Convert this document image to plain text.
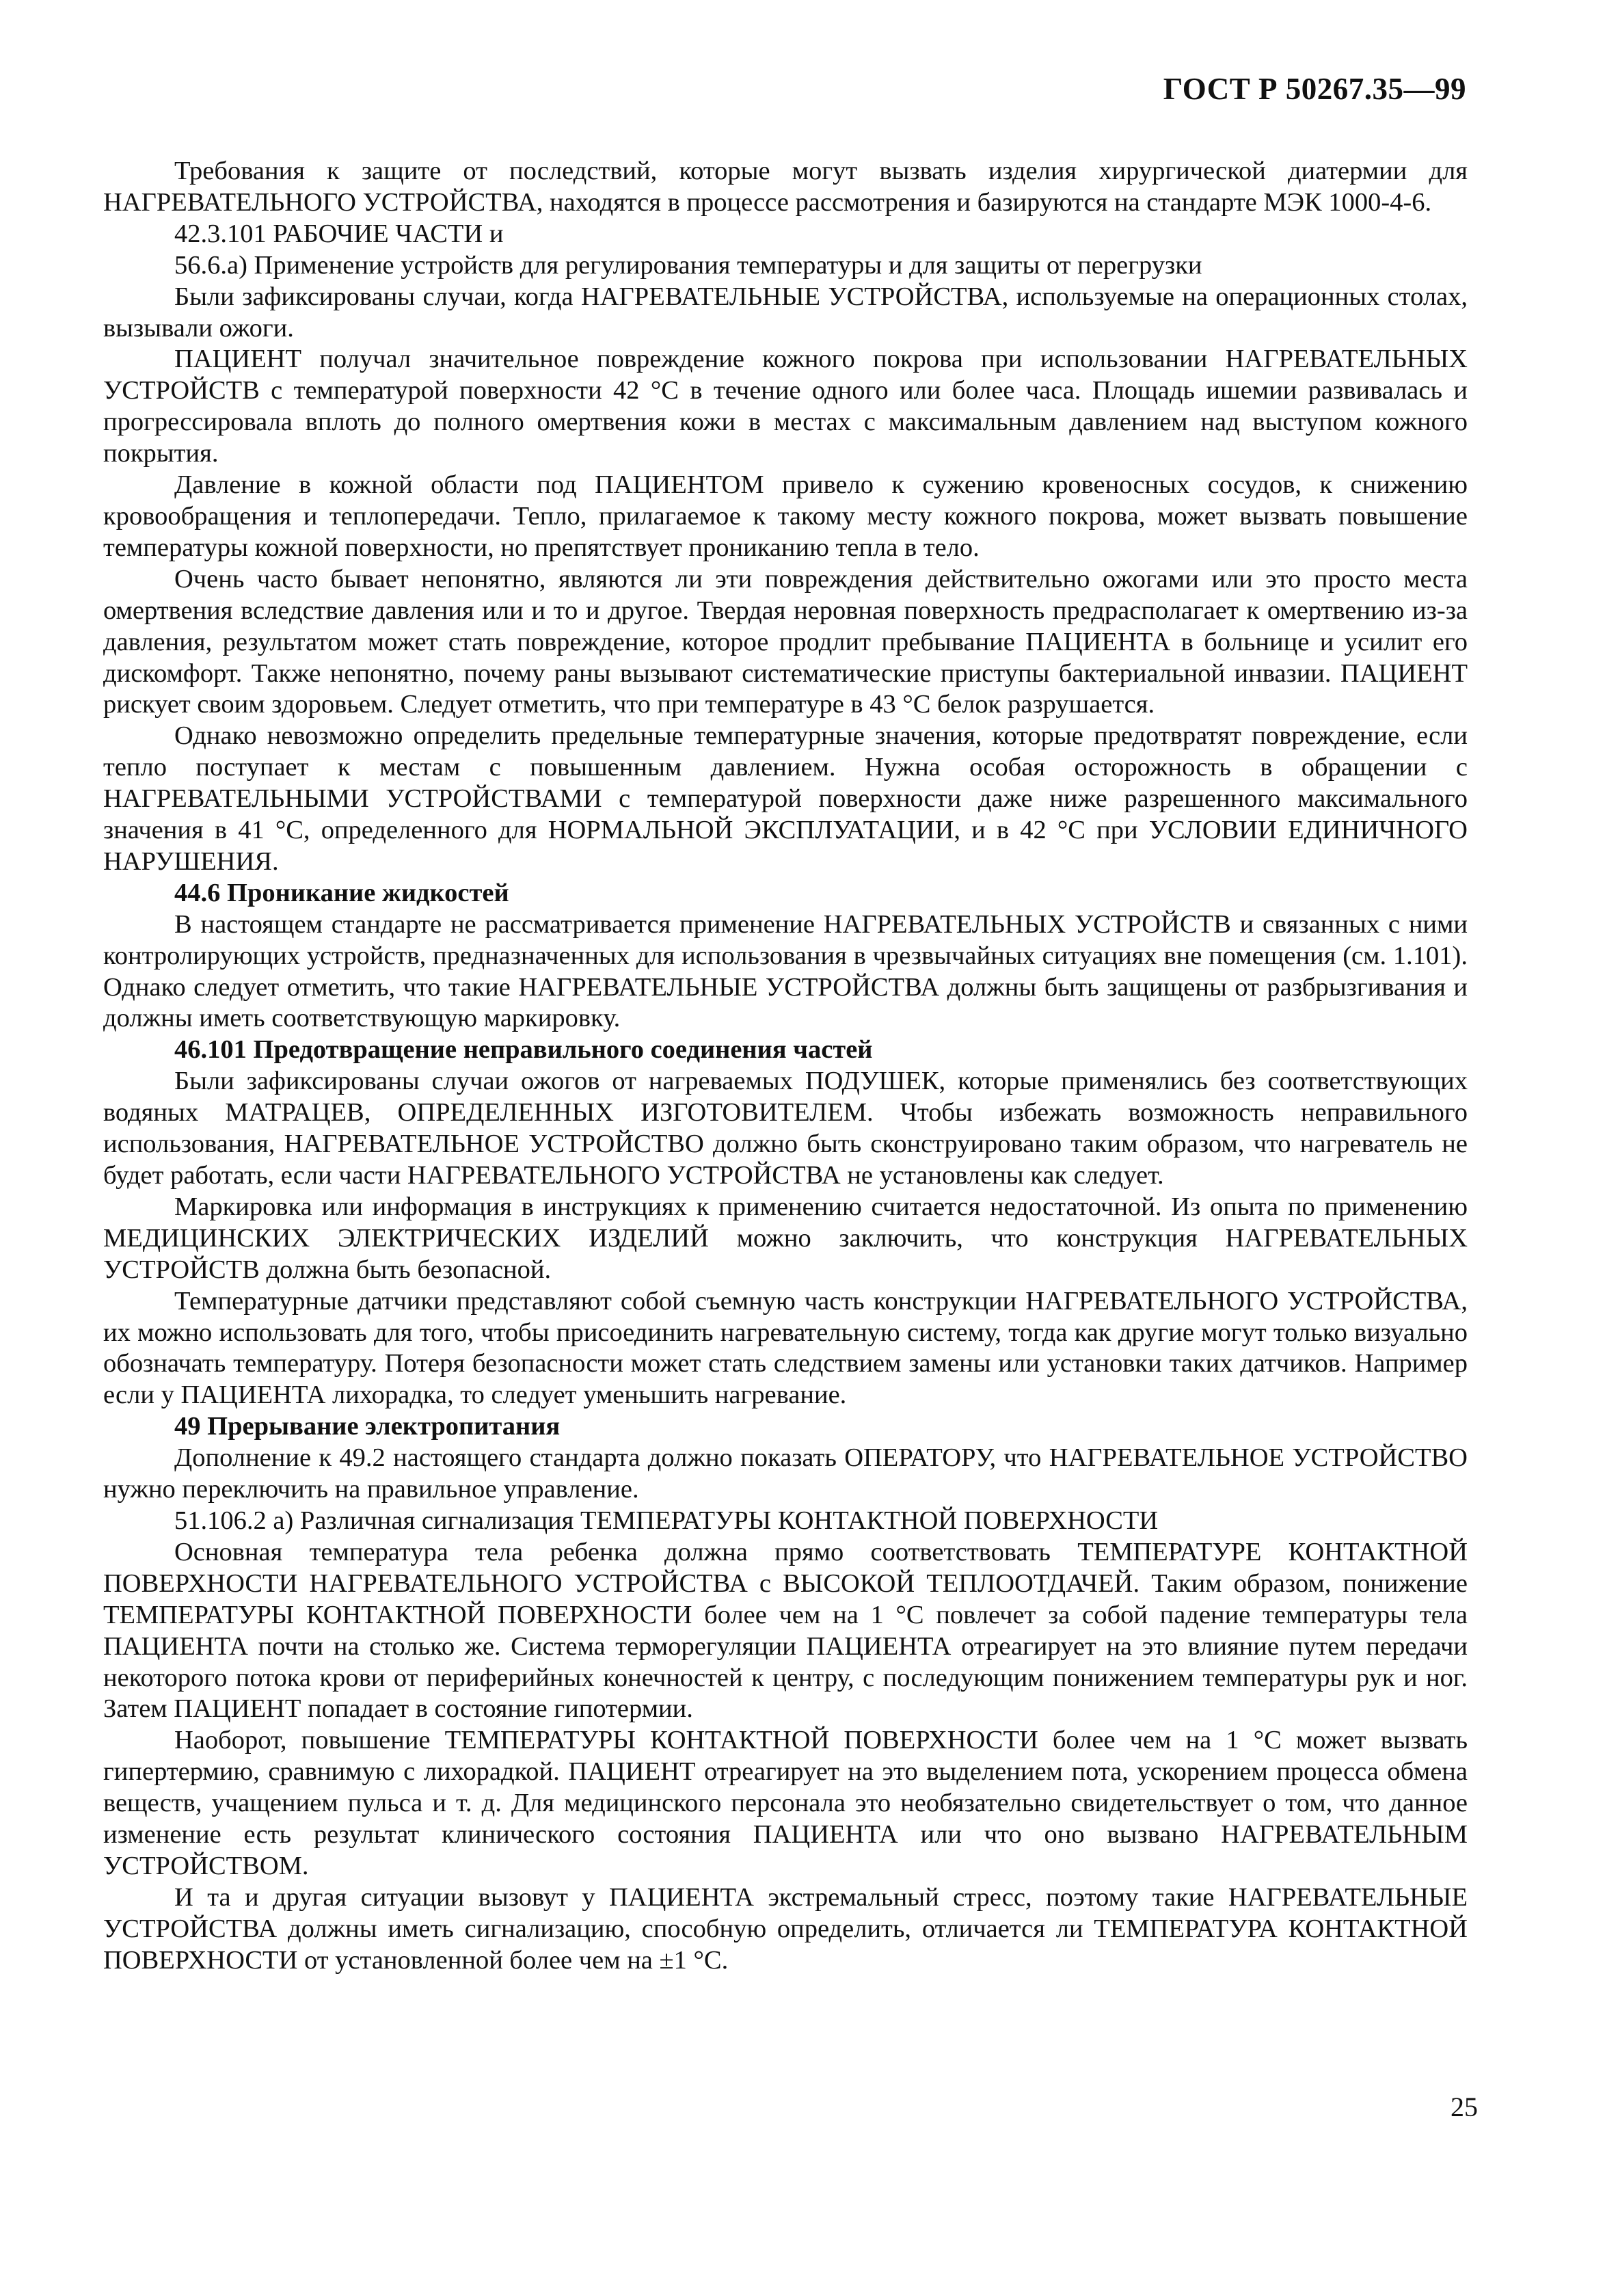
ГОСТ Р 50267.35—99

Требования к защите от последствий, которые могут вызвать изделия хирургической диатермии для НАГРЕВАТЕЛЬНОГО УСТРОЙСТВА, находятся в процессе рассмотрения и базируются на стандарте МЭК 1000-4-6.

42.3.101 РАБОЧИЕ ЧАСТИ и

56.6.а) Применение устройств для регулирования температуры и для защиты от перегрузки

Были зафиксированы случаи, когда НАГРЕВАТЕЛЬНЫЕ УСТРОЙСТВА, используемые на операционных столах, вызывали ожоги.

ПАЦИЕНТ получал значительное повреждение кожного покрова при использовании НАГРЕВАТЕЛЬНЫХ УСТРОЙСТВ с температурой поверхности 42 °С в течение одного или более часа. Площадь ишемии развивалась и прогрессировала вплоть до полного омертвения кожи в местах с максимальным давлением над выступом кожного покрытия.

Давление в кожной области под ПАЦИЕНТОМ привело к сужению кровеносных сосудов, к снижению кровообращения и теплопередачи. Тепло, прилагаемое к такому месту кожного покрова, может вызвать повышение температуры кожной поверхности, но препятствует прониканию тепла в тело.

Очень часто бывает непонятно, являются ли эти повреждения действительно ожогами или это просто места омертвения вследствие давления или и то и другое. Твердая неровная поверхность предрасполагает к омертвению из-за давления, результатом может стать повреждение, которое продлит пребывание ПАЦИЕНТА в больнице и усилит его дискомфорт. Также непонятно, почему раны вызывают систематические приступы бактериальной инвазии. ПАЦИЕНТ рискует своим здоровьем. Следует отметить, что при температуре в 43 °С белок разрушается.

Однако невозможно определить предельные температурные значения, которые предотвратят повреждение, если тепло поступает к местам с повышенным давлением. Нужна особая осторожность в обращении с НАГРЕВАТЕЛЬНЫМИ УСТРОЙСТВАМИ с температурой поверхности даже ниже разрешенного максимального значения в 41 °С, определенного для НОРМАЛЬНОЙ ЭКСПЛУАТАЦИИ, и в 42 °С при УСЛОВИИ ЕДИНИЧНОГО НАРУШЕНИЯ.

44.6 Проникание жидкостей

В настоящем стандарте не рассматривается применение НАГРЕВАТЕЛЬНЫХ УСТРОЙСТВ и связанных с ними контролирующих устройств, предназначенных для использования в чрезвычайных ситуациях вне помещения (см. 1.101). Однако следует отметить, что такие НАГРЕВАТЕЛЬНЫЕ УСТРОЙСТВА должны быть защищены от разбрызгивания и должны иметь соответствующую маркировку.

46.101 Предотвращение неправильного соединения частей

Были зафиксированы случаи ожогов от нагреваемых ПОДУШЕК, которые применялись без соответствующих водяных МАТРАЦЕВ, ОПРЕДЕЛЕННЫХ ИЗГОТОВИТЕЛЕМ. Чтобы избежать возможность неправильного использования, НАГРЕВАТЕЛЬНОЕ УСТРОЙСТВО должно быть сконструировано таким образом, что нагреватель не будет работать, если части НАГРЕВАТЕЛЬНОГО УСТРОЙСТВА не установлены как следует.

Маркировка или информация в инструкциях к применению считается недостаточной. Из опыта по применению МЕДИЦИНСКИХ ЭЛЕКТРИЧЕСКИХ ИЗДЕЛИЙ можно заключить, что конструкция НАГРЕВАТЕЛЬНЫХ УСТРОЙСТВ должна быть безопасной.

Температурные датчики представляют собой съемную часть конструкции НАГРЕВАТЕЛЬНОГО УСТРОЙСТВА, их можно использовать для того, чтобы присоединить нагревательную систему, тогда как другие могут только визуально обозначать температуру. Потеря безопасности может стать следствием замены или установки таких датчиков. Например если у ПАЦИЕНТА лихорадка, то следует уменьшить нагревание.

49 Прерывание электропитания

Дополнение к 49.2 настоящего стандарта должно показать ОПЕРАТОРУ, что НАГРЕВАТЕЛЬНОЕ УСТРОЙСТВО нужно переключить на правильное управление.

51.106.2 a) Различная сигнализация ТЕМПЕРАТУРЫ КОНТАКТНОЙ ПОВЕРХНОСТИ

Основная температура тела ребенка должна прямо соответствовать ТЕМПЕРАТУРЕ КОНТАКТНОЙ ПОВЕРХНОСТИ НАГРЕВАТЕЛЬНОГО УСТРОЙСТВА с ВЫСОКОЙ ТЕПЛООТДАЧЕЙ. Таким образом, понижение ТЕМПЕРАТУРЫ КОНТАКТНОЙ ПОВЕРХНОСТИ более чем на 1 °С повлечет за собой падение температуры тела ПАЦИЕНТА почти на столько же. Система терморегуляции ПАЦИЕНТА отреагирует на это влияние путем передачи некоторого потока крови от периферийных конечностей к центру, с последующим понижением температуры рук и ног. Затем ПАЦИЕНТ попадает в состояние гипотермии.

Наоборот, повышение ТЕМПЕРАТУРЫ КОНТАКТНОЙ ПОВЕРХНОСТИ более чем на 1 °С может вызвать гипертермию, сравнимую с лихорадкой. ПАЦИЕНТ отреагирует на это выделением пота, ускорением процесса обмена веществ, учащением пульса и т. д. Для медицинского персонала это необязательно свидетельствует о том, что данное изменение есть результат клинического состояния ПАЦИЕНТА или что оно вызвано НАГРЕВАТЕЛЬНЫМ УСТРОЙСТВОМ.

И та и другая ситуации вызовут у ПАЦИЕНТА экстремальный стресс, поэтому такие НАГРЕВАТЕЛЬНЫЕ УСТРОЙСТВА должны иметь сигнализацию, способную определить, отличается ли ТЕМПЕРАТУРА КОНТАКТНОЙ ПОВЕРХНОСТИ от установленной более чем на ±1 °С.

25
